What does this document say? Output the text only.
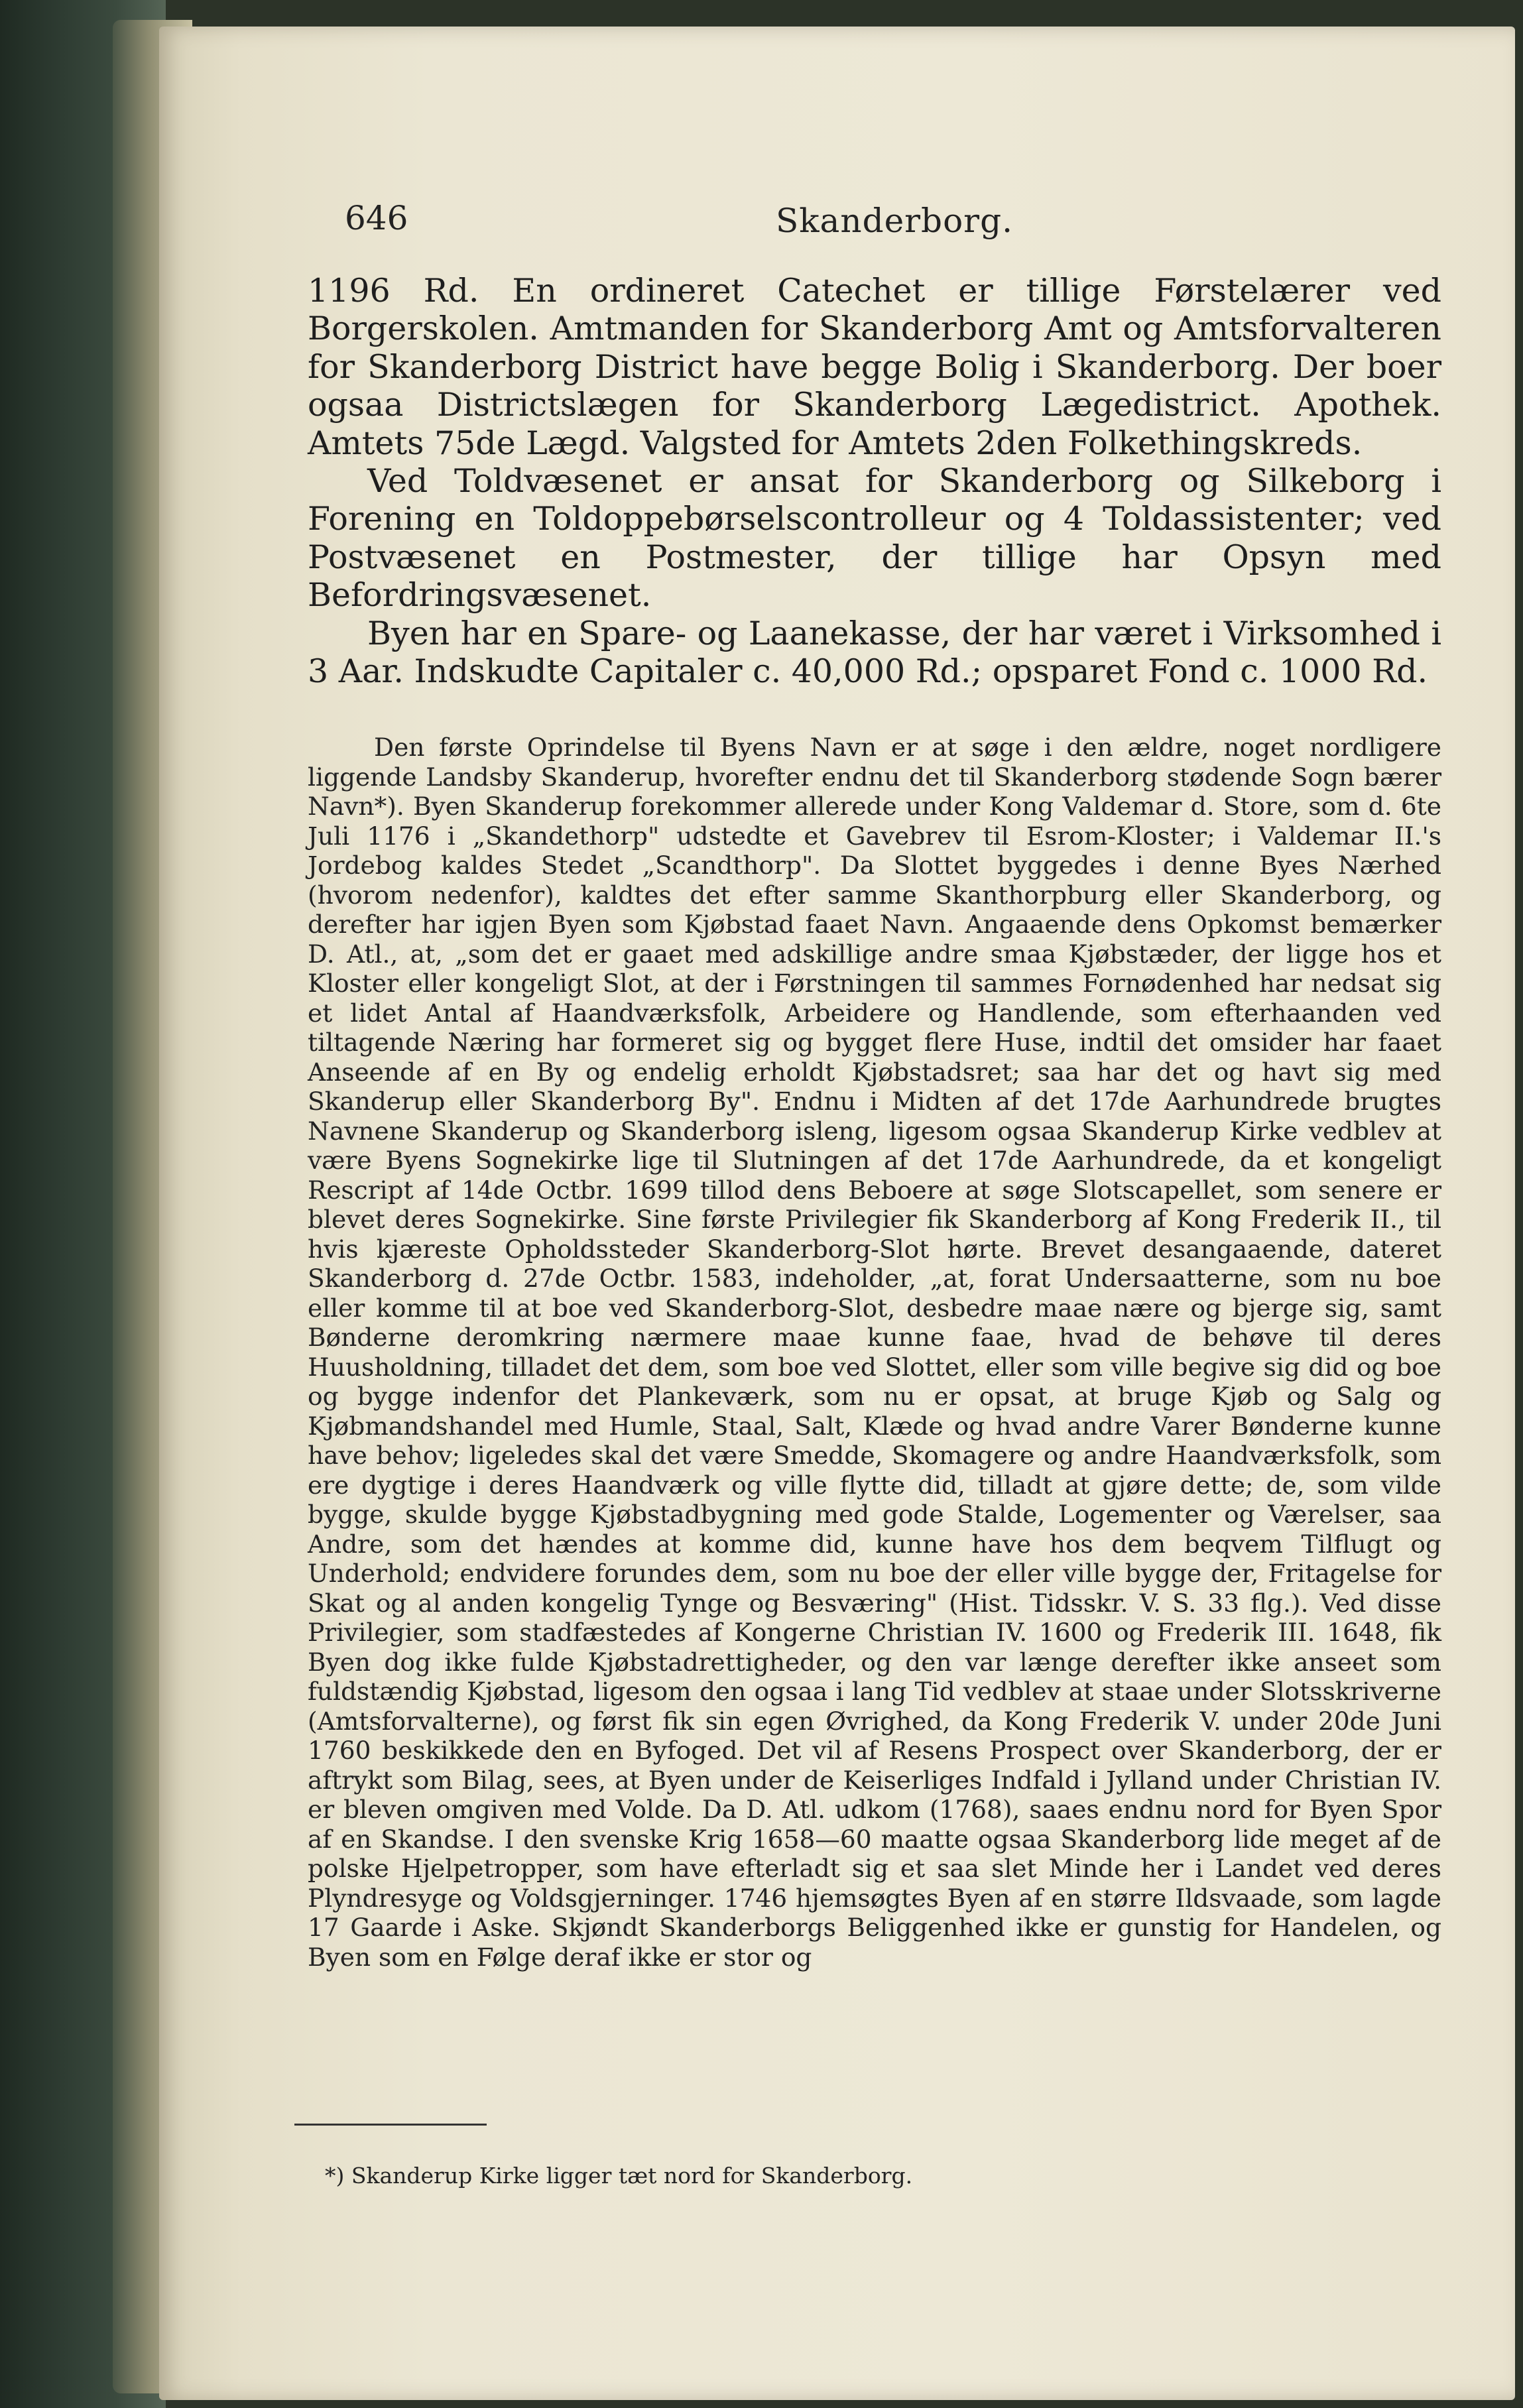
646	Skanderborg.

1196 Rd. En ordineret Catechet er tillige Førstelærer ved Borgerskolen. Amtmanden for Skanderborg Amt og Amtsforvalteren for Skanderborg District have begge Bolig i Skanderborg. Der boer ogsaa Districtslægen for Skanderborg Lægedistrict. Apothek. Amtets 75de Lægd. Valgsted for Amtets 2den Folkethingskreds.

Ved Toldvæsenet er ansat for Skanderborg og Silkeborg i Forening en Toldoppebørselscontrolleur og 4 Toldassistenter; ved Postvæsenet en Postmester, der tillige har Opsyn med Befordringsvæsenet.

Byen har en Spare- og Laanekasse, der har været i Virksomhed i 3 Aar. Indskudte Capitaler c. 40,000 Rd.; opsparet Fond c. 1000 Rd.

Den første Oprindelse til Byens Navn er at søge i den ældre, noget nordligere liggende Landsby Skanderup, hvorefter endnu det til Skanderborg stødende Sogn bærer Navn*). Byen Skanderup forekommer allerede under Kong Valdemar d. Store, som d. 6te Juli 1176 i „Skandethorp" udstedte et Gavebrev til Esrom-Kloster; i Valdemar II.'s Jordebog kaldes Stedet „Scandthorp". Da Slottet byggedes i denne Byes Nærhed (hvorom nedenfor), kaldtes det efter samme Skanthorpburg eller Skanderborg, og derefter har igjen Byen som Kjøbstad faaet Navn. Angaaende dens Opkomst bemærker D. Atl., at, „som det er gaaet med adskillige andre smaa Kjøbstæder, der ligge hos et Kloster eller kongeligt Slot, at der i Førstningen til sammes Fornødenhed har nedsat sig et lidet Antal af Haandværksfolk, Arbeidere og Handlende, som efterhaanden ved tiltagende Næring har formeret sig og bygget flere Huse, indtil det omsider har faaet Anseende af en By og endelig erholdt Kjøbstadsret; saa har det og havt sig med Skanderup eller Skanderborg By". Endnu i Midten af det 17de Aarhundrede brugtes Navnene Skanderup og Skanderborg isleng, ligesom ogsaa Skanderup Kirke vedblev at være Byens Sognekirke lige til Slutningen af det 17de Aarhundrede, da et kongeligt Rescript af 14de Octbr. 1699 tillod dens Beboere at søge Slotscapellet, som senere er blevet deres Sognekirke. Sine første Privilegier fik Skanderborg af Kong Frederik II., til hvis kjæreste Opholdssteder Skanderborg-Slot hørte. Brevet desangaaende, dateret Skanderborg d. 27de Octbr. 1583, indeholder, „at, forat Undersaatterne, som nu boe eller komme til at boe ved Skanderborg-Slot, desbedre maae nære og bjerge sig, samt Bønderne deromkring nærmere maae kunne faae, hvad de behøve til deres Huusholdning, tilladet det dem, som boe ved Slottet, eller som ville begive sig did og boe og bygge indenfor det Plankeværk, som nu er opsat, at bruge Kjøb og Salg og Kjøbmandshandel med Humle, Staal, Salt, Klæde og hvad andre Varer Bønderne kunne have behov; ligeledes skal det være Smedde, Skomagere og andre Haandværksfolk, som ere dygtige i deres Haandværk og ville flytte did, tilladt at gjøre dette; de, som vilde bygge, skulde bygge Kjøbstadbygning med gode Stalde, Logementer og Værelser, saa Andre, som det hændes at komme did, kunne have hos dem beqvem Tilflugt og Underhold; endvidere forundes dem, som nu boe der eller ville bygge der, Fritagelse for Skat og al anden kongelig Tynge og Besværing" (Hist. Tidsskr. V. S. 33 flg.). Ved disse Privilegier, som stadfæstedes af Kongerne Christian IV. 1600 og Frederik III. 1648, fik Byen dog ikke fulde Kjøbstadrettigheder, og den var længe derefter ikke anseet som fuldstændig Kjøbstad, ligesom den ogsaa i lang Tid vedblev at staae under Slotsskriverne (Amtsforvalterne), og først fik sin egen Øvrighed, da Kong Frederik V. under 20de Juni 1760 beskikkede den en Byfoged. Det vil af Resens Prospect over Skanderborg, der er aftrykt som Bilag, sees, at Byen under de Keiserliges Indfald i Jylland under Christian IV. er bleven omgiven med Volde. Da D. Atl. udkom (1768), saaes endnu nord for Byen Spor af en Skandse. I den svenske Krig 1658—60 maatte ogsaa Skanderborg lide meget af de polske Hjelpetropper, som have efterladt sig et saa slet Minde her i Landet ved deres Plyndresyge og Voldsgjerninger. 1746 hjemsøgtes Byen af en større Ildsvaade, som lagde 17 Gaarde i Aske. Skjøndt Skanderborgs Beliggenhed ikke er gunstig for Handelen, og Byen som en Følge deraf ikke er stor og

*) Skanderup Kirke ligger tæt nord for Skanderborg.
